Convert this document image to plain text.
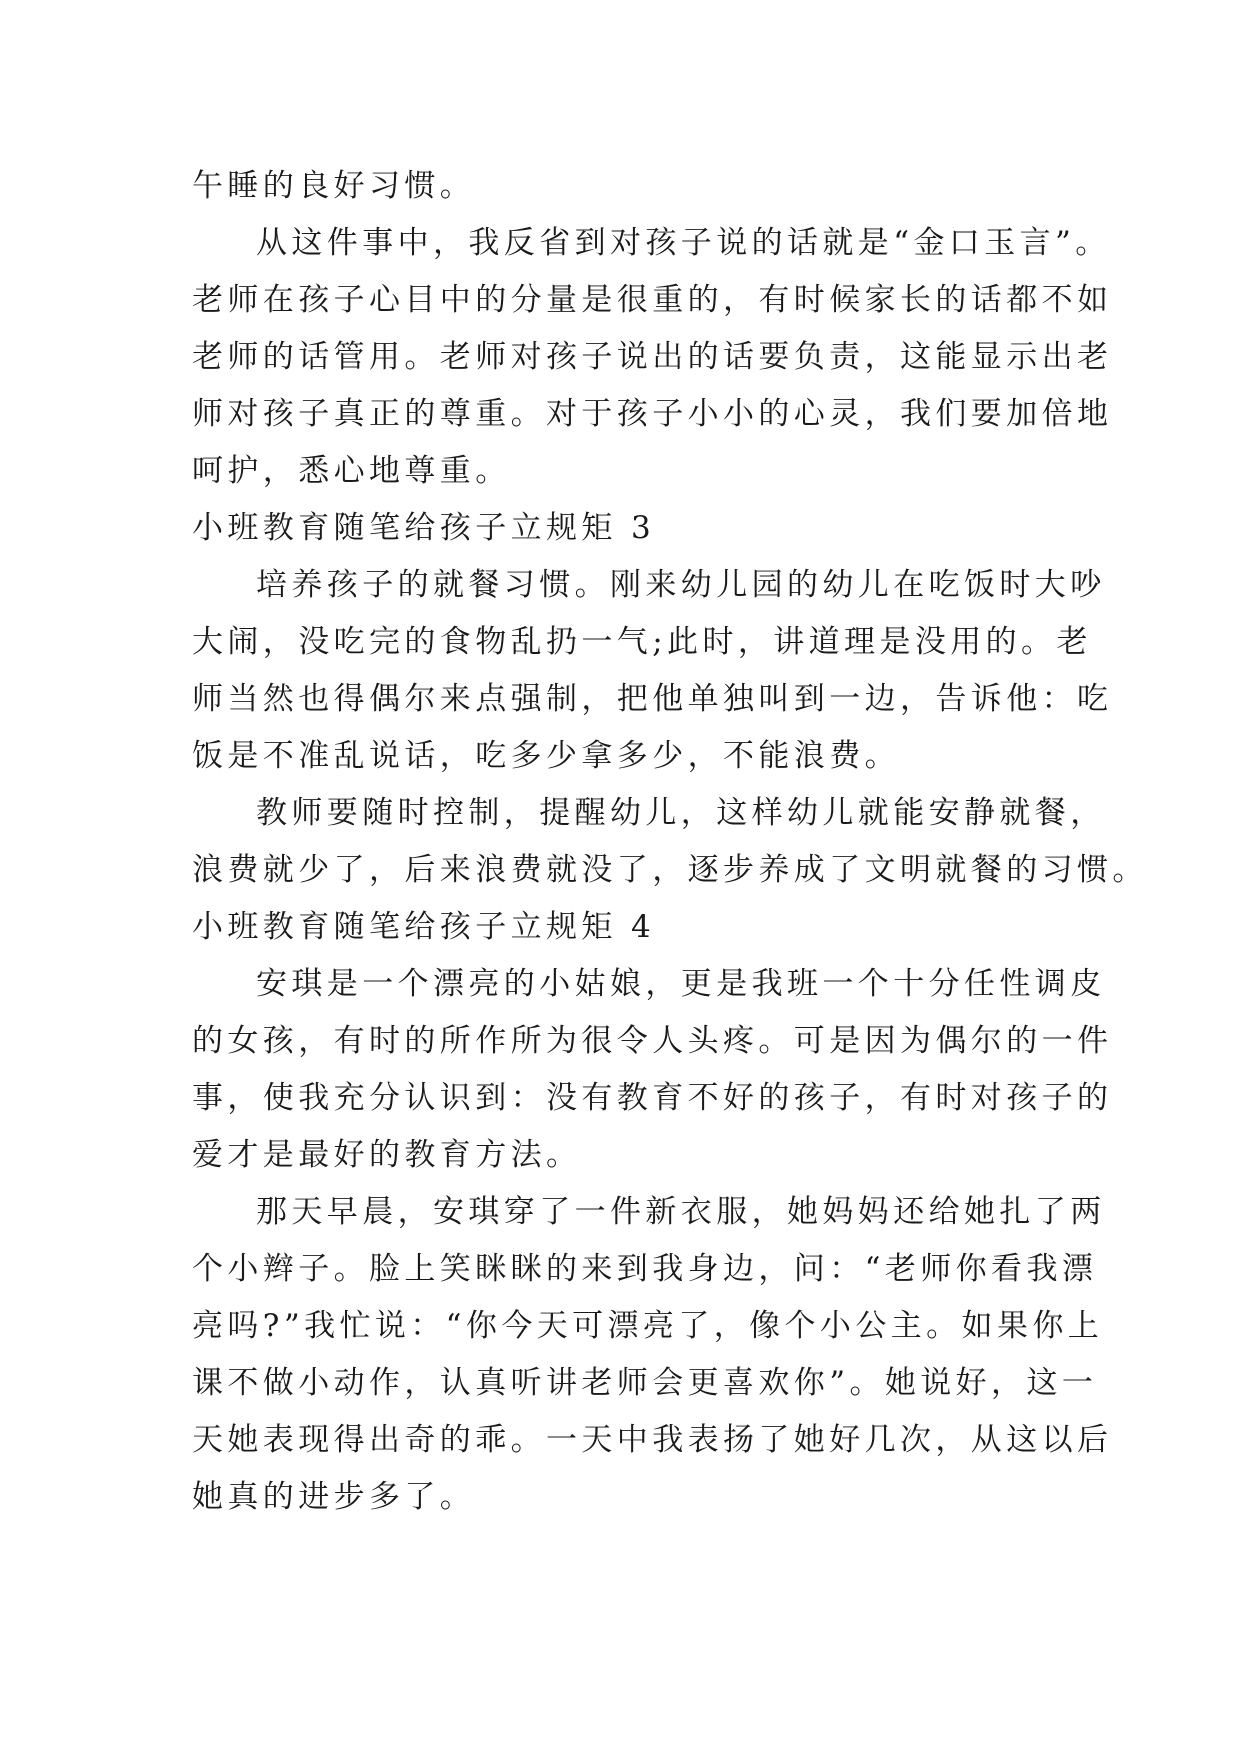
午睡的良好习惯。
从这件事中，我反省到对孩子说的话就是“金口玉言”。
老师在孩子心目中的分量是很重的，有时候家长的话都不如
老师的话管用。老师对孩子说出的话要负责，这能显示出老
师对孩子真正的尊重。对于孩子小小的心灵，我们要加倍地
呵护，悉心地尊重。
小班教育随笔给孩子立规矩 3
培养孩子的就餐习惯。刚来幼儿园的幼儿在吃饭时大吵
大闹，没吃完的食物乱扔一气;此时，讲道理是没用的。老
师当然也得偶尔来点强制，把他单独叫到一边，告诉他：吃
饭是不准乱说话，吃多少拿多少，不能浪费。
教师要随时控制，提醒幼儿，这样幼儿就能安静就餐，
浪费就少了，后来浪费就没了，逐步养成了文明就餐的习惯。
小班教育随笔给孩子立规矩 4
安琪是一个漂亮的小姑娘，更是我班一个十分任性调皮
的女孩，有时的所作所为很令人头疼。可是因为偶尔的一件
事，使我充分认识到：没有教育不好的孩子，有时对孩子的
爱才是最好的教育方法。
那天早晨，安琪穿了一件新衣服，她妈妈还给她扎了两
个小辫子。脸上笑眯眯的来到我身边，问：“老师你看我漂
亮吗?”我忙说：“你今天可漂亮了，像个小公主。如果你上
课不做小动作，认真听讲老师会更喜欢你”。她说好，这一
天她表现得出奇的乖。一天中我表扬了她好几次，从这以后
她真的进步多了。
